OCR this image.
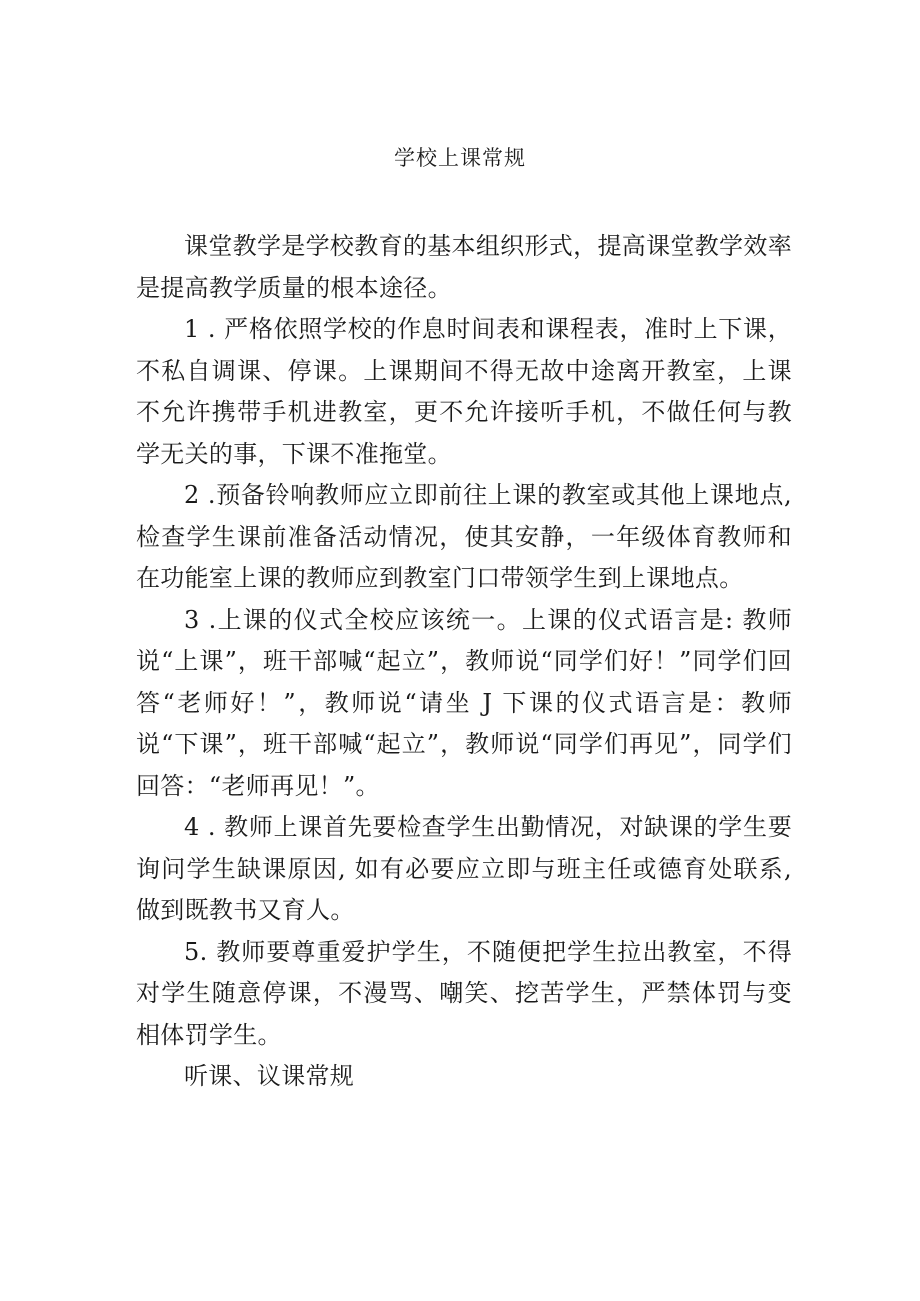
学校上课常规

课堂教学是学校教育的基本组织形式，提高课堂教学效率是提高教学质量的根本途径。

1 . 严格依照学校的作息时间表和课程表，准时上下课，不私自调课、停课。上课期间不得无故中途离开教室，上课不允许携带手机进教室，更不允许接听手机，不做任何与教学无关的事，下课不准拖堂。

2 .预备铃响教师应立即前往上课的教室或其他上课地点, 检查学生课前准备活动情况，使其安静，一年级体育教师和在功能室上课的教师应到教室门口带领学生到上课地点。

3 .上课的仪式全校应该统一。上课的仪式语言是: 教师说“上课”，班干部喊“起立”，教师说“同学们好！”同学们回答“老师好！”，教师说“请坐 J 下课的仪式语言是：教师说“下课”，班干部喊“起立”，教师说“同学们再见”，同学们回答：“老师再见！”。

4 . 教师上课首先要检查学生出勤情况，对缺课的学生要询问学生缺课原因, 如有必要应立即与班主任或德育处联系, 做到既教书又育人。

5. 教师要尊重爱护学生，不随便把学生拉出教室，不得对学生随意停课，不漫骂、嘲笑、挖苦学生，严禁体罚与变相体罚学生。

听课、议课常规
